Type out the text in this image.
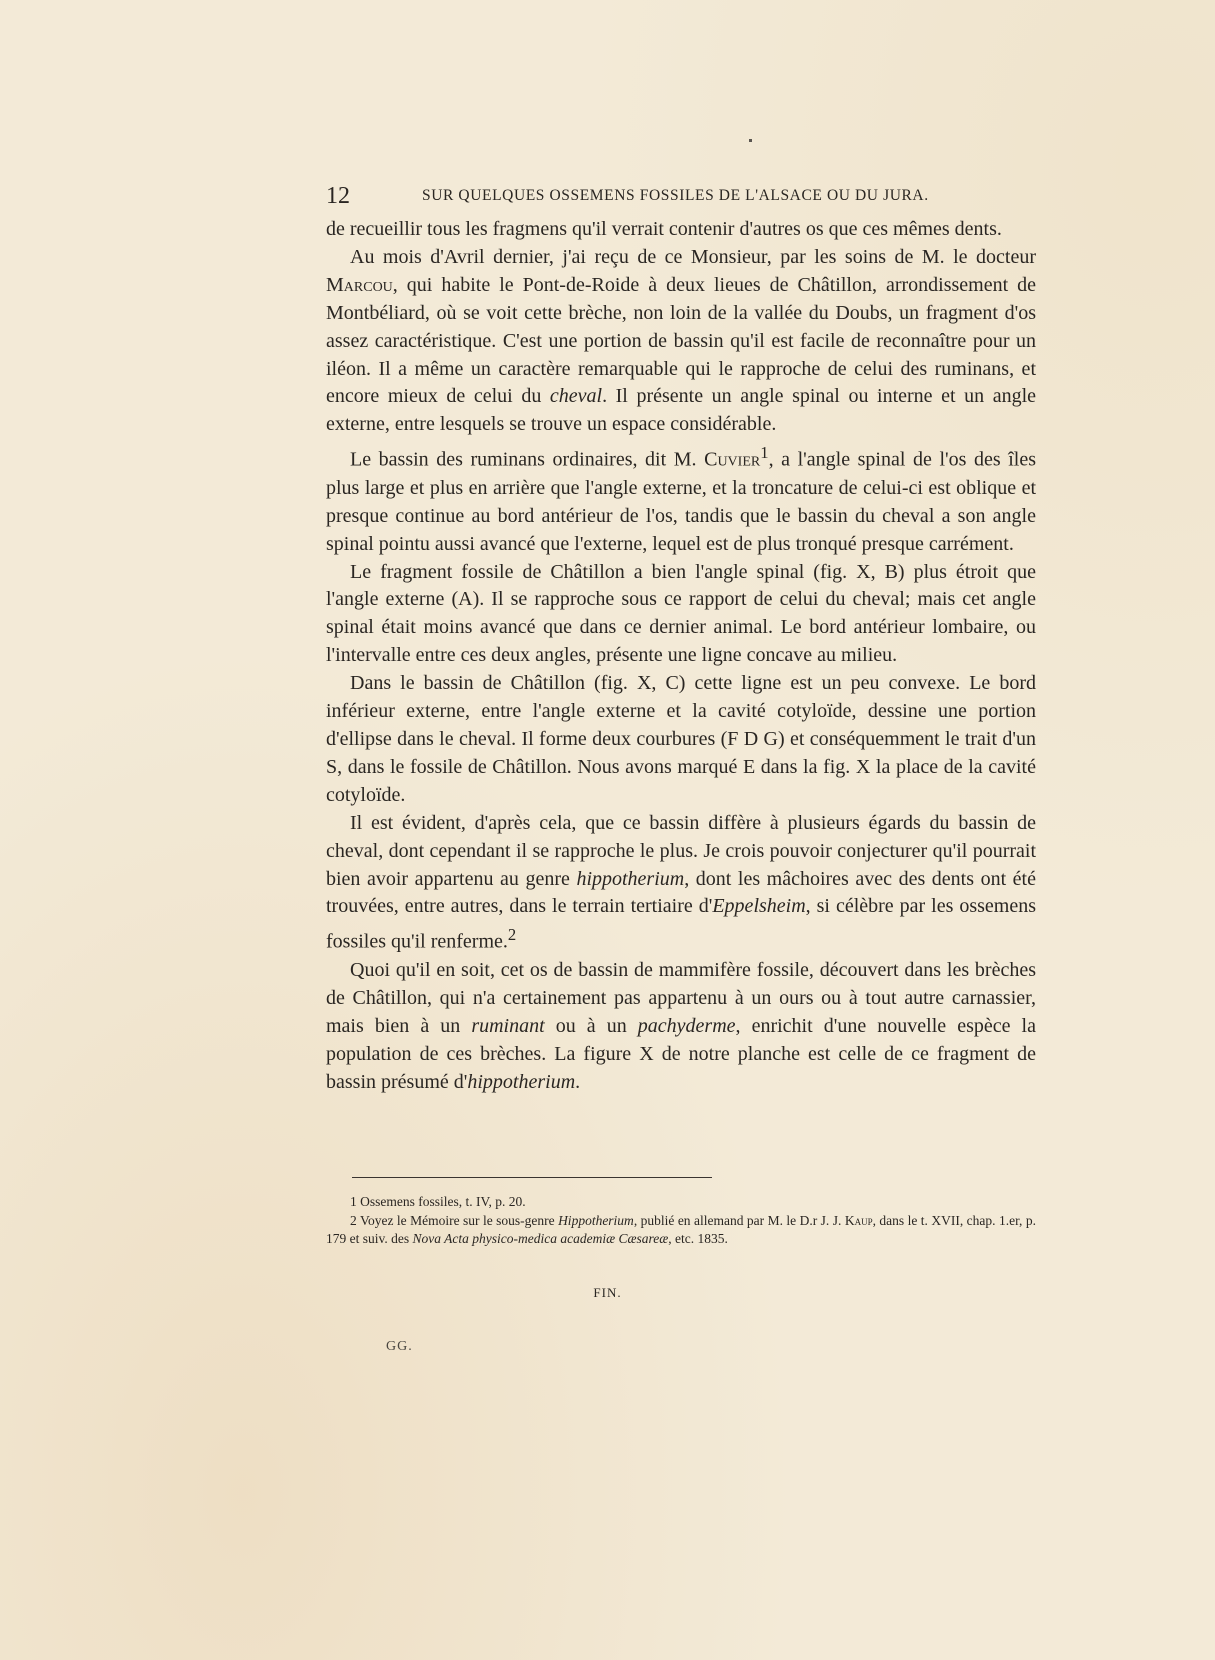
12	SUR QUELQUES OSSEMENS FOSSILES DE L'ALSACE OU DU JURA.

de recueillir tous les fragmens qu'il verrait contenir d'autres os que ces mêmes dents.

Au mois d'Avril dernier, j'ai reçu de ce Monsieur, par les soins de M. le docteur Marcou, qui habite le Pont-de-Roide à deux lieues de Châtillon, arrondissement de Montbéliard, où se voit cette brèche, non loin de la vallée du Doubs, un fragment d'os assez caractéristique. C'est une portion de bassin qu'il est facile de reconnaître pour un iléon. Il a même un caractère remarquable qui le rapproche de celui des ruminans, et encore mieux de celui du cheval. Il présente un angle spinal ou interne et un angle externe, entre lesquels se trouve un espace considérable.

Le bassin des ruminans ordinaires, dit M. Cuvier$^1$, a l'angle spinal de l'os des îles plus large et plus en arrière que l'angle externe, et la troncature de celui-ci est oblique et presque continue au bord antérieur de l'os, tandis que le bassin du cheval a son angle spinal pointu aussi avancé que l'externe, lequel est de plus tronqué presque carrément.

Le fragment fossile de Châtillon a bien l'angle spinal (fig. X, B) plus étroit que l'angle externe (A). Il se rapproche sous ce rapport de celui du cheval; mais cet angle spinal était moins avancé que dans ce dernier animal. Le bord antérieur lombaire, ou l'intervalle entre ces deux angles, présente une ligne concave au milieu.

Dans le bassin de Châtillon (fig. X, C) cette ligne est un peu convexe. Le bord inférieur externe, entre l'angle externe et la cavité cotyloïde, dessine une portion d'ellipse dans le cheval. Il forme deux courbures (F D G) et conséquemment le trait d'un S, dans le fossile de Châtillon. Nous avons marqué E dans la fig. X la place de la cavité cotyloïde.

Il est évident, d'après cela, que ce bassin diffère à plusieurs égards du bassin de cheval, dont cependant il se rapproche le plus. Je crois pouvoir conjecturer qu'il pourrait bien avoir appartenu au genre hippotherium, dont les mâchoires avec des dents ont été trouvées, entre autres, dans le terrain tertiaire d'Eppelsheim, si célèbre par les ossemens fossiles qu'il renferme.$^2$

Quoi qu'il en soit, cet os de bassin de mammifère fossile, découvert dans les brèches de Châtillon, qui n'a certainement pas appartenu à un ours ou à tout autre carnassier, mais bien à un ruminant ou à un pachyderme, enrichit d'une nouvelle espèce la population de ces brèches. La figure X de notre planche est celle de ce fragment de bassin présumé d'hippotherium.

1 Ossemens fossiles, t. IV, p. 20.

2 Voyez le Mémoire sur le sous-genre Hippotherium, publié en allemand par M. le D.r J. J. Kaup, dans le t. XVII, chap. 1.er, p. 179 et suiv. des Nova Acta physico-medica academiæ Cæsareæ, etc. 1835.

FIN.
GG.
